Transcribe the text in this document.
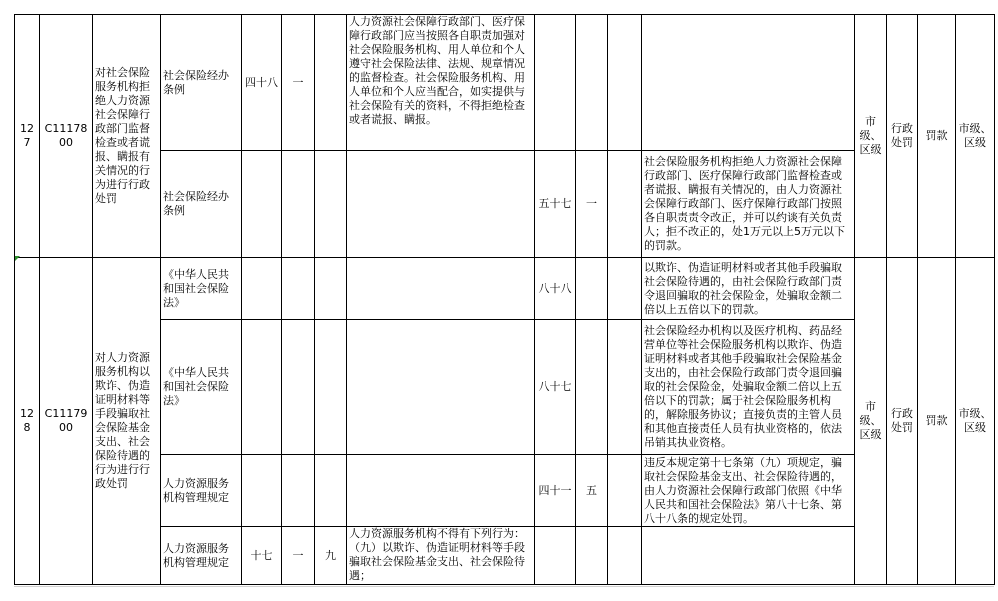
127	C1117800	对社会保险服务机构拒绝人力资源社会保障行政部门监督检查或者谎报、瞒报有关情况的行为进行行政处罚	社会保险经办条例	四十八	一		人力资源社会保障行政部门、医疗保障行政部门应当按照各自职责加强对社会保险服务机构、用人单位和个人遵守社会保险法律、法规、规章情况的监督检查。社会保险服务机构、用人单位和个人应当配合，如实提供与社会保险有关的资料，不得拒绝检查或者谎报、瞒报。					市级、区级	行政处罚	罚款	市级、区级
			社会保险经办条例					五十七	一		社会保险服务机构拒绝人力资源社会保障行政部门、医疗保障行政部门监督检查或者谎报、瞒报有关情况的，由人力资源社会保障行政部门、医疗保障行政部门按照各自职责责令改正，并可以约谈有关负责人；拒不改正的，处1万元以上5万元以下的罚款。				
128	C1117900	对人力资源服务机构以欺诈、伪造证明材料等手段骗取社会保险基金支出、社会保险待遇的行为进行行政处罚	《中华人民共和国社会保险法》					八十八			以欺诈、伪造证明材料或者其他手段骗取社会保险待遇的，由社会保险行政部门责令退回骗取的社会保险金，处骗取金额二倍以上五倍以下的罚款。	市级、区级	行政处罚	罚款	市级、区级
			《中华人民共和国社会保险法》					八十七			社会保险经办机构以及医疗机构、药品经营单位等社会保险服务机构以欺诈、伪造证明材料或者其他手段骗取社会保险基金支出的，由社会保险行政部门责令退回骗取的社会保险金，处骗取金额二倍以上五倍以下的罚款；属于社会保险服务机构的，解除服务协议；直接负责的主管人员和其他直接责任人员有执业资格的，依法吊销其执业资格。				
			人力资源服务机构管理规定					四十一	五		违反本规定第十七条第（九）项规定，骗取社会保险基金支出、社会保险待遇的，由人力资源社会保障行政部门依照《中华人民共和国社会保险法》第八十七条、第八十八条的规定处罚。				
			人力资源服务机构管理规定	十七	一	九	人力资源服务机构不得有下列行为：（九）以欺诈、伪造证明材料等手段骗取社会保险基金支出、社会保险待遇；								
